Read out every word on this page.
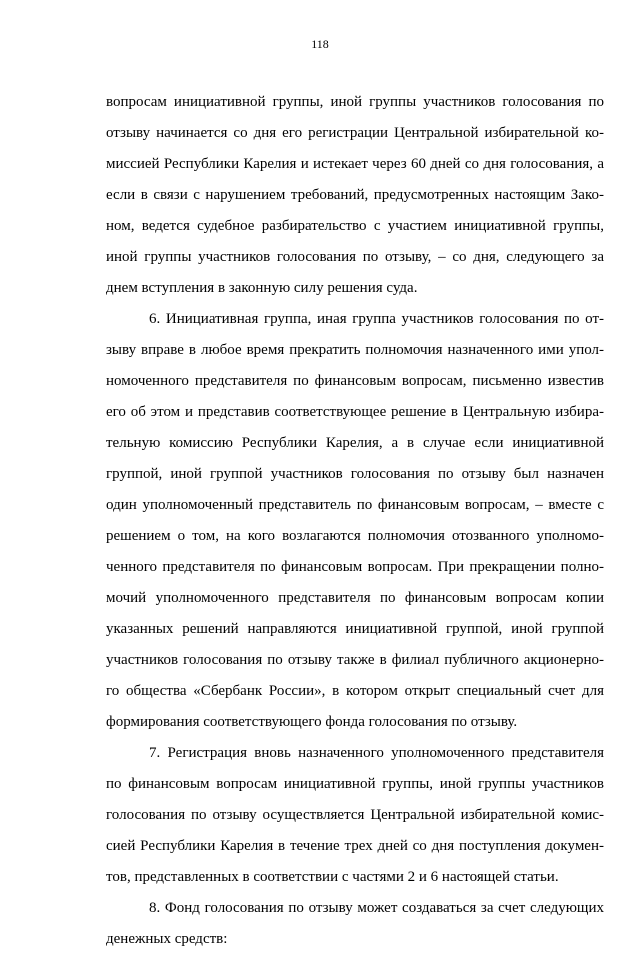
118
вопросам инициативной группы, иной группы участников голосования по
отзыву начинается со дня его регистрации Центральной избирательной ко-
миссией Республики Карелия и истекает через 60 дней со дня голосования, а
если в связи с нарушением требований, предусмотренных настоящим Зако-
ном, ведется судебное разбирательство с участием инициативной группы,
иной группы участников голосования по отзыву, – со дня, следующего за
днем вступления в законную силу решения суда.
6. Инициативная группа, иная группа участников голосования по от-
зыву вправе в любое время прекратить полномочия назначенного ими упол-
номоченного представителя по финансовым вопросам, письменно известив
его об этом и представив соответствующее решение в Центральную избира-
тельную комиссию Республики Карелия, а в случае если инициативной
группой, иной группой участников голосования по отзыву был назначен
один уполномоченный представитель по финансовым вопросам, – вместе с
решением о том, на кого возлагаются полномочия отозванного уполномо-
ченного представителя по финансовым вопросам. При прекращении полно-
мочий уполномоченного представителя по финансовым вопросам копии
указанных решений направляются инициативной группой, иной группой
участников голосования по отзыву также в филиал публичного акционерно-
го общества «Сбербанк России», в котором открыт специальный счет для
формирования соответствующего фонда голосования по отзыву.
7. Регистрация вновь назначенного уполномоченного представителя
по финансовым вопросам инициативной группы, иной группы участников
голосования по отзыву осуществляется Центральной избирательной комис-
сией Республики Карелия в течение трех дней со дня поступления докумен-
тов, представленных в соответствии с частями 2 и 6 настоящей статьи.
8. Фонд голосования по отзыву может создаваться за счет следующих
денежных средств:
